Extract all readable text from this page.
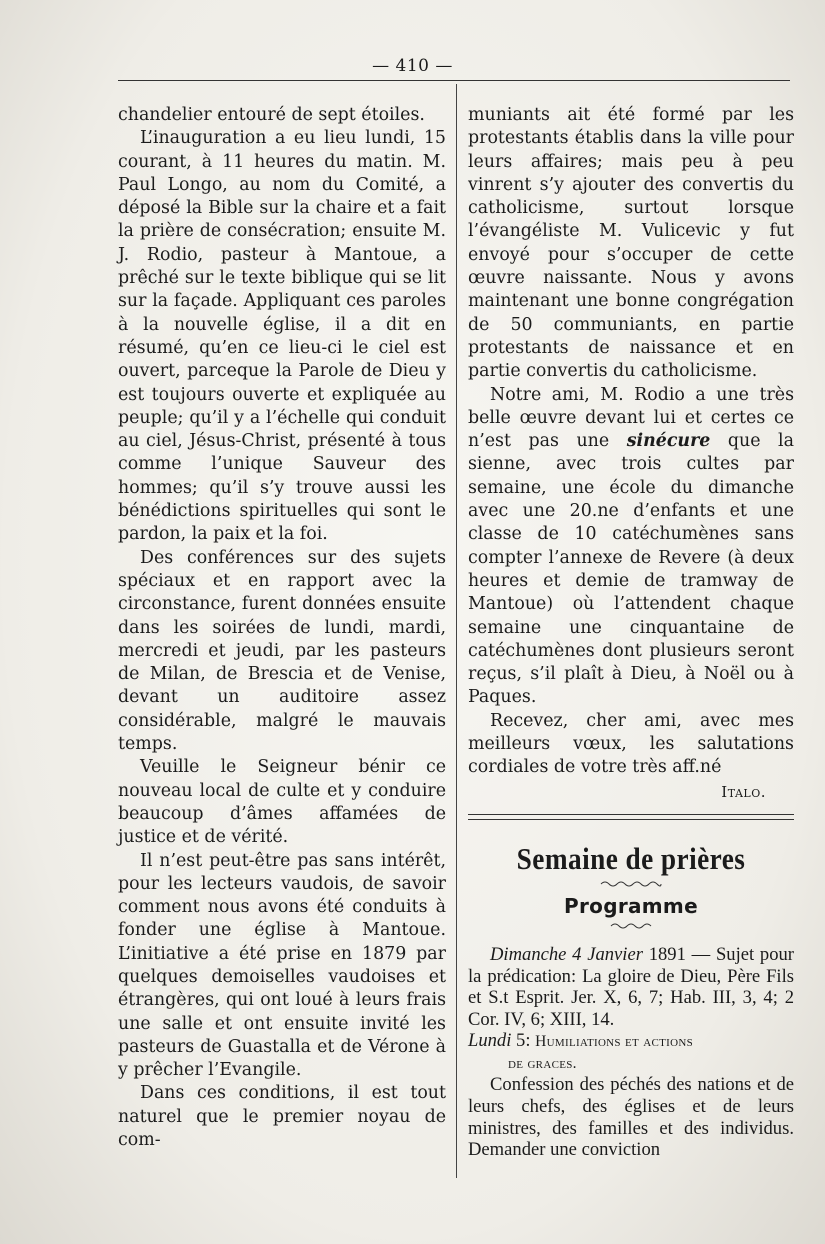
— 410 —

chandelier entouré de sept étoiles.

L’inauguration a eu lieu lundi, 15 courant, à 11 heures du matin. M. Paul Longo, au nom du Comité, a déposé la Bible sur la chaire et a fait la prière de consécration; ensuite M. J. Rodio, pasteur à Mantoue, a prêché sur le texte biblique qui se lit sur la façade. Appliquant ces paroles à la nouvelle église, il a dit en résumé, qu’en ce lieu-ci le ciel est ouvert, parceque la Parole de Dieu y est toujours ouverte et expliquée au peuple; qu’il y a l’échelle qui conduit au ciel, Jésus-Christ, présenté à tous comme l’unique Sauveur des hommes; qu’il s’y trouve aussi les bénédictions spirituelles qui sont le pardon, la paix et la foi.

Des conférences sur des sujets spéciaux et en rapport avec la circonstance, furent données ensuite dans les soirées de lundi, mardi, mercredi et jeudi, par les pasteurs de Milan, de Brescia et de Venise, devant un auditoire assez considérable, malgré le mauvais temps.

Veuille le Seigneur bénir ce nouveau local de culte et y conduire beaucoup d’âmes affamées de justice et de vérité.

Il n’est peut-être pas sans intérêt, pour les lecteurs vaudois, de savoir comment nous avons été conduits à fonder une église à Mantoue. L’initiative a été prise en 1879 par quelques demoiselles vaudoises et étrangères, qui ont loué à leurs frais une salle et ont ensuite invité les pasteurs de Guastalla et de Vérone à y prêcher l’Evangile.

Dans ces conditions, il est tout naturel que le premier noyau de com-

muniants ait été formé par les protestants établis dans la ville pour leurs affaires; mais peu à peu vinrent s’y ajouter des convertis du catholicisme, surtout lorsque l’évangéliste M. Vulicevic y fut envoyé pour s’occuper de cette œuvre naissante. Nous y avons maintenant une bonne congrégation de 50 communiants, en partie protestants de naissance et en partie convertis du catholicisme.

Notre ami, M. Rodio a une très belle œuvre devant lui et certes ce n’est pas une sinécure que la sienne, avec trois cultes par semaine, une école du dimanche avec une 20.ne d’enfants et une classe de 10 catéchumènes sans compter l’annexe de Revere (à deux heures et demie de tramway de Mantoue) où l’attendent chaque semaine une cinquantaine de catéchumènes dont plusieurs seront reçus, s’il plaît à Dieu, à Noël ou à Paques.

Recevez, cher ami, avec mes meilleurs vœux, les salutations cordiales de votre très aff.né

Italo.
Semaine de prières
Programme

Dimanche 4 Janvier 1891 — Sujet pour la prédication: La gloire de Dieu, Père Fils et S.t Esprit. Jer. X, 6, 7; Hab. III, 3, 4; 2 Cor. IV, 6; XIII, 14.

Lundi 5: Humiliations et actions
de graces.

Confession des péchés des nations et de leurs chefs, des églises et de leurs ministres, des familles et des individus. Demander une conviction
